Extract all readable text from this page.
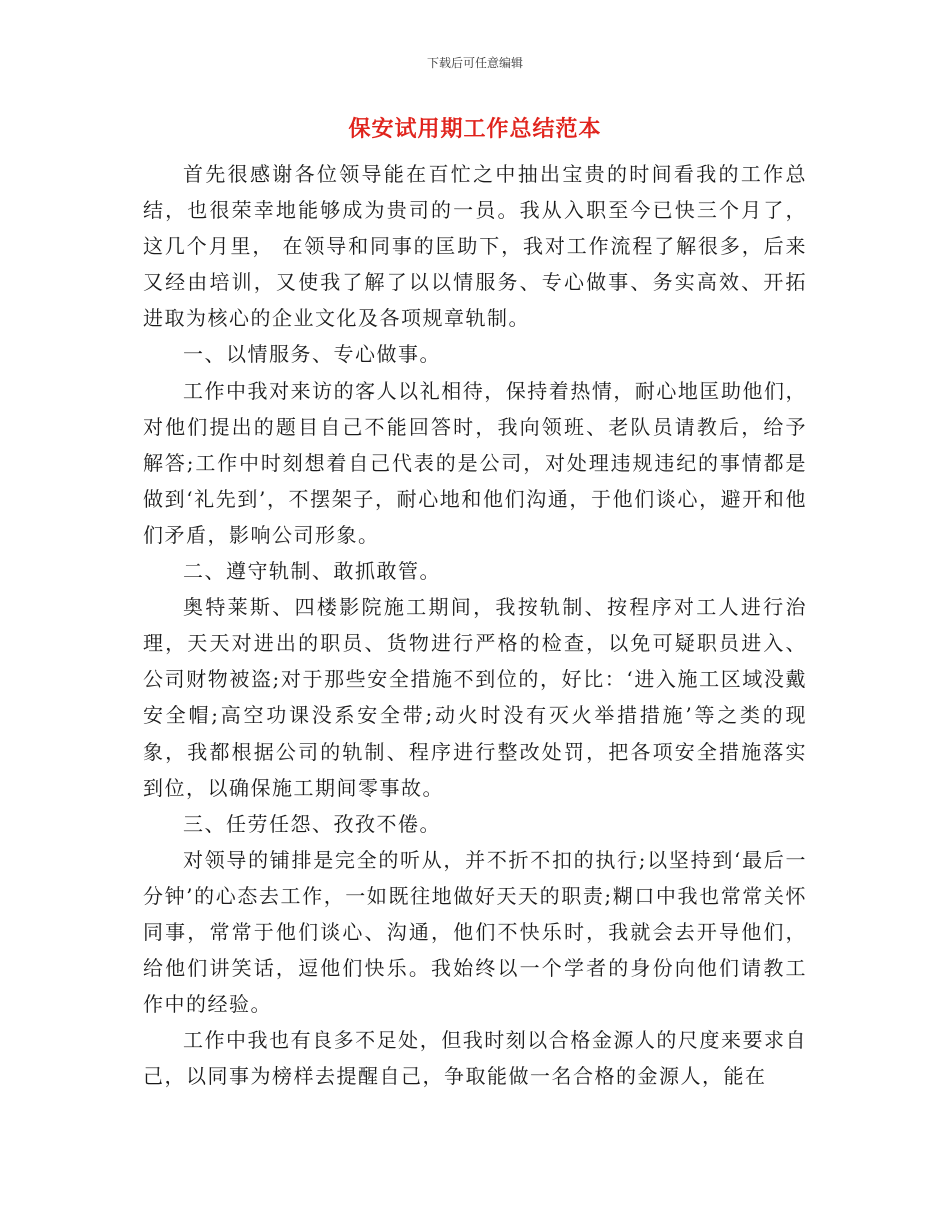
下载后可任意编辑
保安试用期工作总结范本

首先很感谢各位领导能在百忙之中抽出宝贵的时间看我的工作总结，也很荣幸地能够成为贵司的一员。我从入职至今已快三个月了，这几个月里， 在领导和同事的匡助下，我对工作流程了解很多，后来又经由培训，又使我了解了以以情服务、专心做事、务实高效、开拓进取为核心的企业文化及各项规章轨制。

一、以情服务、专心做事。

工作中我对来访的客人以礼相待，保持着热情，耐心地匡助他们，对他们提出的题目自己不能回答时，我向领班、老队员请教后，给予解答;工作中时刻想着自己代表的是公司，对处理违规违纪的事情都是做到‘礼先到’，不摆架子，耐心地和他们沟通，于他们谈心，避开和他们矛盾，影响公司形象。

二、遵守轨制、敢抓敢管。

奥特莱斯、四楼影院施工期间，我按轨制、按程序对工人进行治理，天天对进出的职员、货物进行严格的检查，以免可疑职员进入、公司财物被盗;对于那些安全措施不到位的，好比：‘进入施工区域没戴安全帽;高空功课没系安全带;动火时没有灭火举措措施’等之类的现象，我都根据公司的轨制、程序进行整改处罚，把各项安全措施落实到位，以确保施工期间零事故。

三、任劳任怨、孜孜不倦。

对领导的铺排是完全的听从，并不折不扣的执行;以坚持到‘最后一分钟’的心态去工作，一如既往地做好天天的职责;糊口中我也常常关怀同事，常常于他们谈心、沟通，他们不快乐时，我就会去开导他们，给他们讲笑话，逗他们快乐。我始终以一个学者的身份向他们请教工作中的经验。

工作中我也有良多不足处，但我时刻以合格金源人的尺度来要求自己，以同事为榜样去提醒自己，争取能做一名合格的金源人，能在
